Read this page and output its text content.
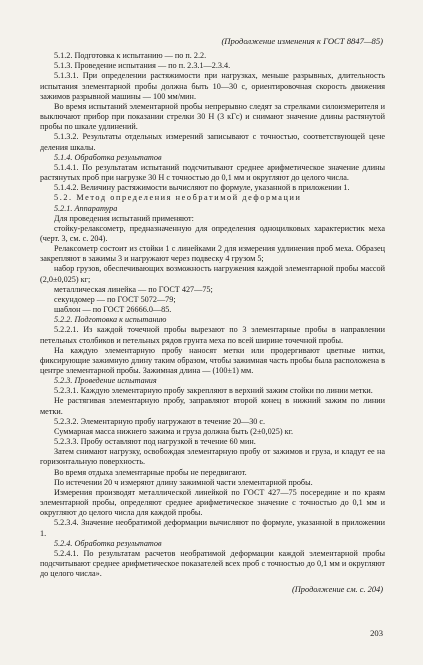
(Продолжение изменения к ГОСТ 8847—85)

5.1.2. Подготовка к испытанию — по п. 2.2.

5.1.3. Проведение испытания — по п. 2.3.1—2.3.4.

5.1.3.1. При определении растяжимости при нагрузках, меньше разрывных, длительность испытания элементарной пробы должна быть 10—30 с, ориентировочная скорость движения зажимов разрывной машины — 100 мм/мин.

Во время испытаний элементарной пробы непрерывно следят за стрелками силоизмерителя и выключают прибор при показании стрелки 30 Н (3 кГс) и снимают значение длины растянутой пробы по шкале удлинений.

5.1.3.2. Результаты отдельных измерений записывают с точностью, соответствующей цене деления шкалы.

5.1.4. Обработка результатов

5.1.4.1. По результатам испытаний подсчитывают среднее арифметическое значение длины растянутых проб при нагрузке 30 Н с точностью до 0,1 мм и округляют до целого числа.

5.1.4.2. Величину растяжимости вычисляют по формуле, указанной в приложении 1.

5.2. Метод определения необратимой деформации

5.2.1. Аппаратура

Для проведения испытаний применяют:

стойку-релаксометр, предназначенную для определения одноцилковых характеристик меха (черт. 3, см. с. 204).

Релаксометр состоит из стойки 1 с линейками 2 для измерения удлинения проб меха. Образец закрепляют в зажимы 3 и нагружают через подвеску 4 грузом 5;

набор грузов, обеспечивающих возможность нагружения каждой элементарной пробы массой (2,0±0,025) кг;

металлическая линейка — по ГОСТ 427—75;

секундомер — по ГОСТ 5072—79;

шаблон — по ГОСТ 26666.0—85.

5.2.2. Подготовка к испытанию

5.2.2.1. Из каждой точечной пробы вырезают по 3 элементарные пробы в направлении петельных столбиков и петельных рядов грунта меха по всей ширине точечной пробы.

На каждую элементарную пробу наносят метки или продергивают цветные нитки, фиксирующие зажимную длину таким образом, чтобы зажимная часть пробы была расположена в центре элементарной пробы. Зажимная длина — (100±1) мм.

5.2.3. Проведение испытания

5.2.3.1. Каждую элементарную пробу закрепляют в верхний зажим стойки по линии метки.

Не растягивая элементарную пробу, заправляют второй конец в нижний зажим по линии метки.

5.2.3.2. Элементарную пробу нагружают в течение 20—30 с.

Суммарная масса нижнего зажима и груза должна быть (2±0,025) кг.

5.2.3.3. Пробу оставляют под нагрузкой в течение 60 мин.

Затем снимают нагрузку, освобождая элементарную пробу от зажимов и груза, и кладут ее на горизонтальную поверхность.

Во время отдыха элементарные пробы не передвигают.

По истечении 20 ч измеряют длину зажимной части элементарной пробы.

Измерения производят металлической линейкой по ГОСТ 427—75 посередине и по краям элементарной пробы, определяют среднее арифметическое значение с точностью до 0,1 мм и округляют до целого числа для каждой пробы.

5.2.3.4. Значение необратимой деформации вычисляют по формуле, указанной в приложении 1.

5.2.4. Обработка результатов

5.2.4.1. По результатам расчетов необратимой деформации каждой элементарной пробы подсчитывают среднее арифметическое показателей всех проб с точностью до 0,1 мм и округляют до целого числа».

(Продолжение см. с. 204)
203
